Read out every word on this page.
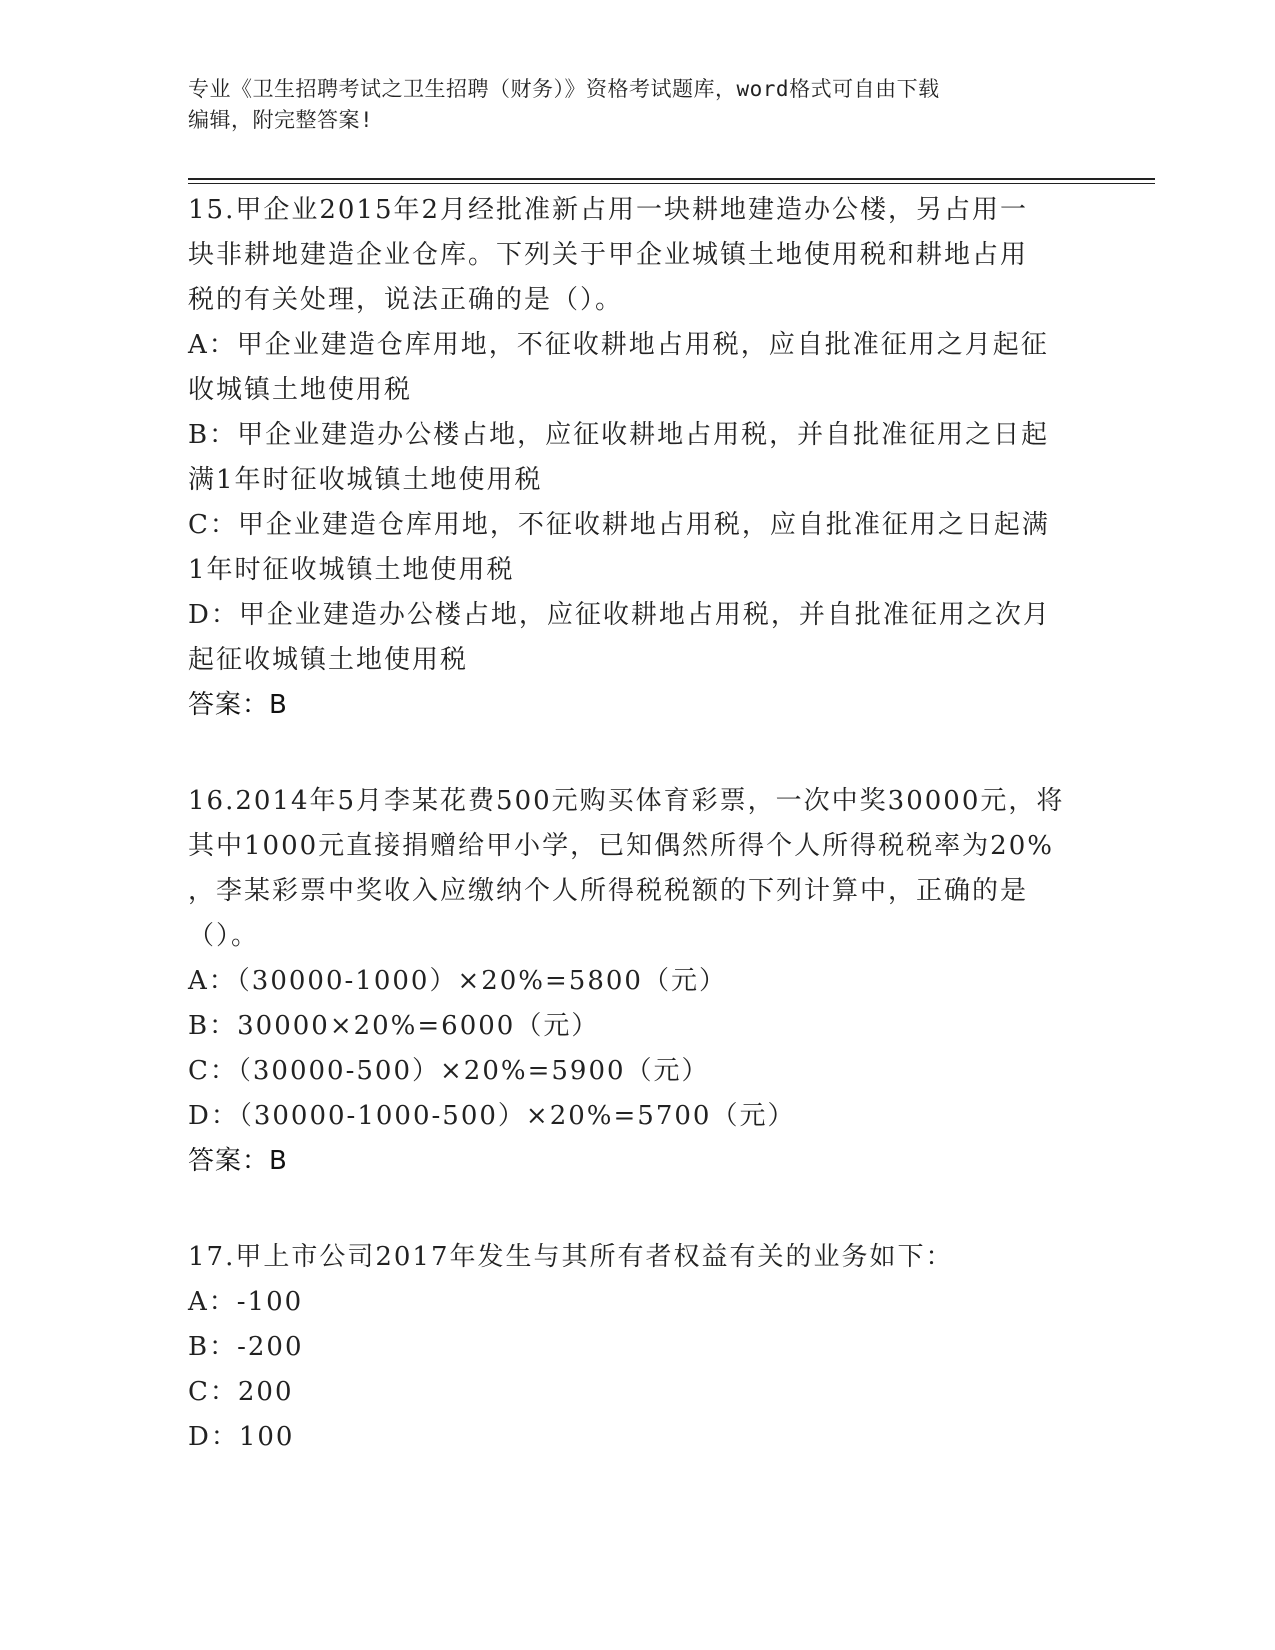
专业《卫生招聘考试之卫生招聘（财务）》资格考试题库，word格式可自由下载
编辑，附完整答案!
15.甲企业2015年2月经批准新占用一块耕地建造办公楼，另占用一
块非耕地建造企业仓库。下列关于甲企业城镇土地使用税和耕地占用
税的有关处理，说法正确的是（）。
A：甲企业建造仓库用地，不征收耕地占用税，应自批准征用之月起征
收城镇土地使用税
B：甲企业建造办公楼占地，应征收耕地占用税，并自批准征用之日起
满1年时征收城镇土地使用税
C：甲企业建造仓库用地，不征收耕地占用税，应自批准征用之日起满
1年时征收城镇土地使用税
D：甲企业建造办公楼占地，应征收耕地占用税，并自批准征用之次月
起征收城镇土地使用税
答案：B
16.2014年5月李某花费500元购买体育彩票，一次中奖30000元，将
其中1000元直接捐赠给甲小学，已知偶然所得个人所得税税率为20%
，李某彩票中奖收入应缴纳个人所得税税额的下列计算中，正确的是
（）。
A：（30000-1000）×20%=5800（元）
B：30000×20%=6000（元）
C：（30000-500）×20%=5900（元）
D：（30000-1000-500）×20%=5700（元）
答案：B
17.甲上市公司2017年发生与其所有者权益有关的业务如下：
A：-100
B：-200
C：200
D：100
